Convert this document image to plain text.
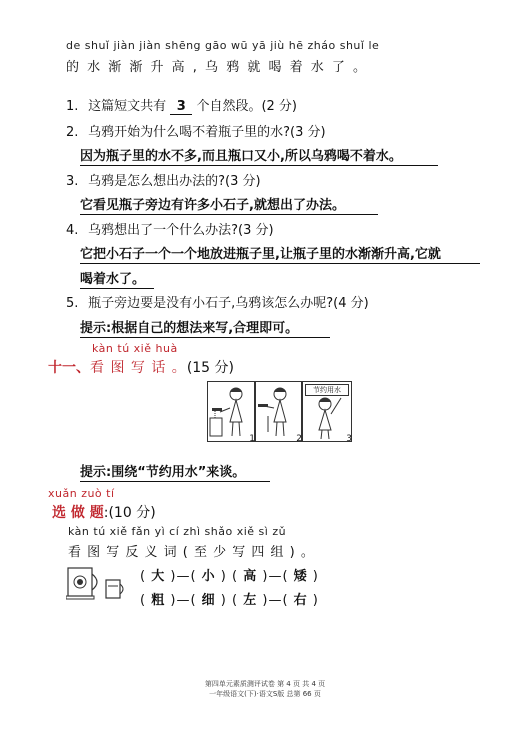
de shuǐ jiàn jiàn shēng gāo wū yā jiù hē zháo shuǐ le
的 水 渐 渐 升 高 , 乌 鸦 就 喝 着 水 了 。
1. 这篇短文共有 3 个自然段。(2 分)
2. 乌鸦开始为什么喝不着瓶子里的水?(3 分)
因为瓶子里的水不多,而且瓶口又小,所以乌鸦喝不着水。
3. 乌鸦是怎么想出办法的?(3 分)
它看见瓶子旁边有许多小石子,就想出了办法。
4. 乌鸦想出了一个什么办法?(3 分)
它把小石子一个一个地放进瓶子里,让瓶子里的水渐渐升高,它就
喝着水了。
5. 瓶子旁边要是没有小石子,乌鸦该怎么办呢?(4 分)
提示:根据自己的想法来写,合理即可。
kàn tú xiě huà
十一、看 图 写 话 。(15 分)
1	2
节约用水
3
提示:围绕“节约用水”来谈。
xuǎn zuò tí
选 做 题:(10 分)
kàn tú xiě fǎn yì cí zhì shǎo xiě sì zǔ
看 图 写 反 义 词 ( 至 少 写 四 组 ) 。
( 大 )—( 小 ) ( 高 )—( 矮 )
( 粗 )—( 细 ) ( 左 )—( 右 )
第四单元素质测评试卷 第 4 页 共 4 页
一年级语文(下)·语文S版 总第 66 页
